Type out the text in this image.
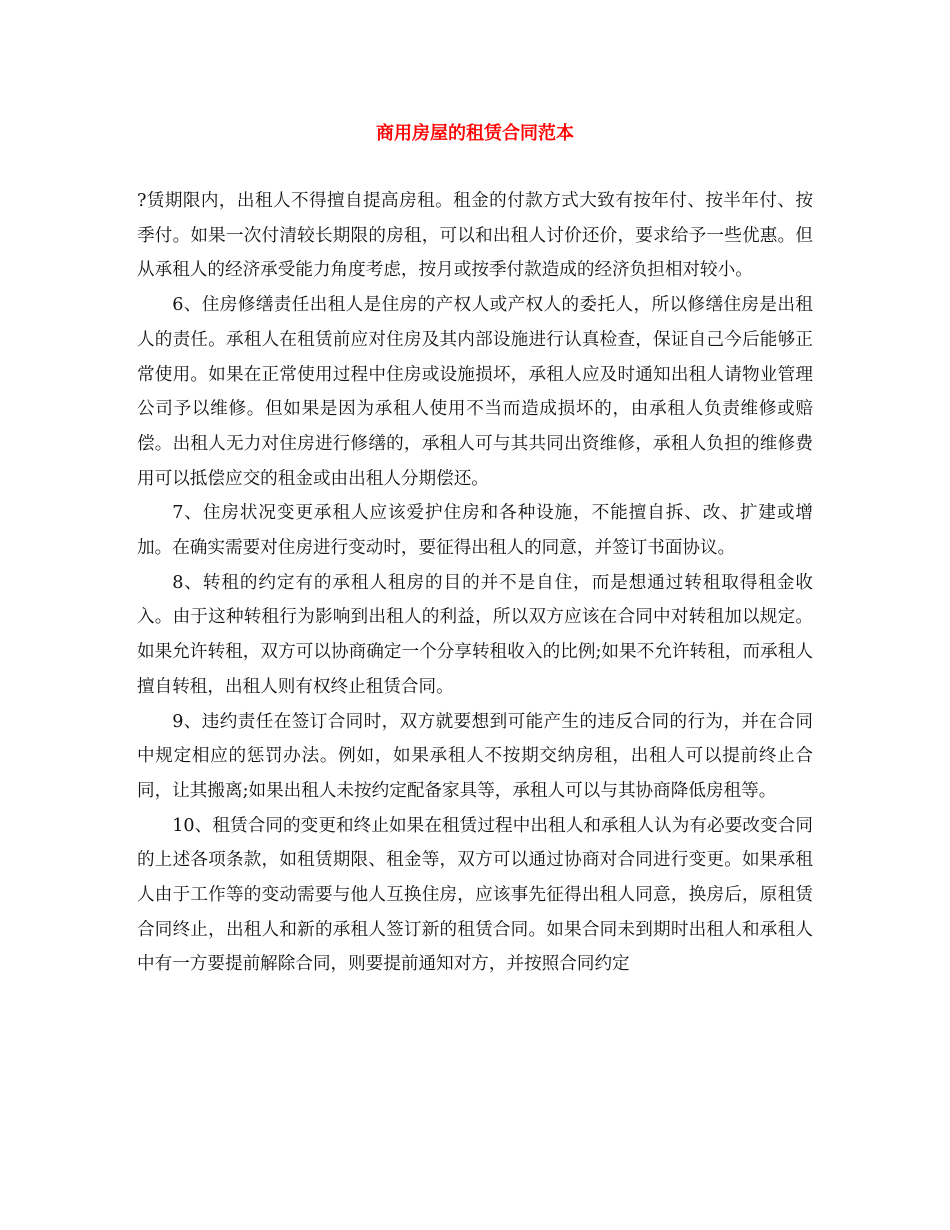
商用房屋的租赁合同范本

?赁期限内，出租人不得擅自提高房租。租金的付款方式大致有按年付、按半年付、按季付。如果一次付清较长期限的房租，可以和出租人讨价还价，要求给予一些优惠。但从承租人的经济承受能力角度考虑，按月或按季付款造成的经济负担相对较小。

6、住房修缮责任出租人是住房的产权人或产权人的委托人，所以修缮住房是出租人的责任。承租人在租赁前应对住房及其内部设施进行认真检查，保证自己今后能够正常使用。如果在正常使用过程中住房或设施损坏，承租人应及时通知出租人请物业管理公司予以维修。但如果是因为承租人使用不当而造成损坏的，由承租人负责维修或赔偿。出租人无力对住房进行修缮的，承租人可与其共同出资维修，承租人负担的维修费用可以抵偿应交的租金或由出租人分期偿还。

7、住房状况变更承租人应该爱护住房和各种设施，不能擅自拆、改、扩建或增加。在确实需要对住房进行变动时，要征得出租人的同意，并签订书面协议。

8、转租的约定有的承租人租房的目的并不是自住，而是想通过转租取得租金收入。由于这种转租行为影响到出租人的利益，所以双方应该在合同中对转租加以规定。如果允许转租，双方可以协商确定一个分享转租收入的比例;如果不允许转租，而承租人擅自转租，出租人则有权终止租赁合同。

9、违约责任在签订合同时，双方就要想到可能产生的违反合同的行为，并在合同中规定相应的惩罚办法。例如，如果承租人不按期交纳房租，出租人可以提前终止合同，让其搬离;如果出租人未按约定配备家具等，承租人可以与其协商降低房租等。

10、租赁合同的变更和终止如果在租赁过程中出租人和承租人认为有必要改变合同的上述各项条款，如租赁期限、租金等，双方可以通过协商对合同进行变更。如果承租人由于工作等的变动需要与他人互换住房，应该事先征得出租人同意，换房后，原租赁合同终止，出租人和新的承租人签订新的租赁合同。如果合同未到期时出租人和承租人中有一方要提前解除合同，则要提前通知对方，并按照合同约定
